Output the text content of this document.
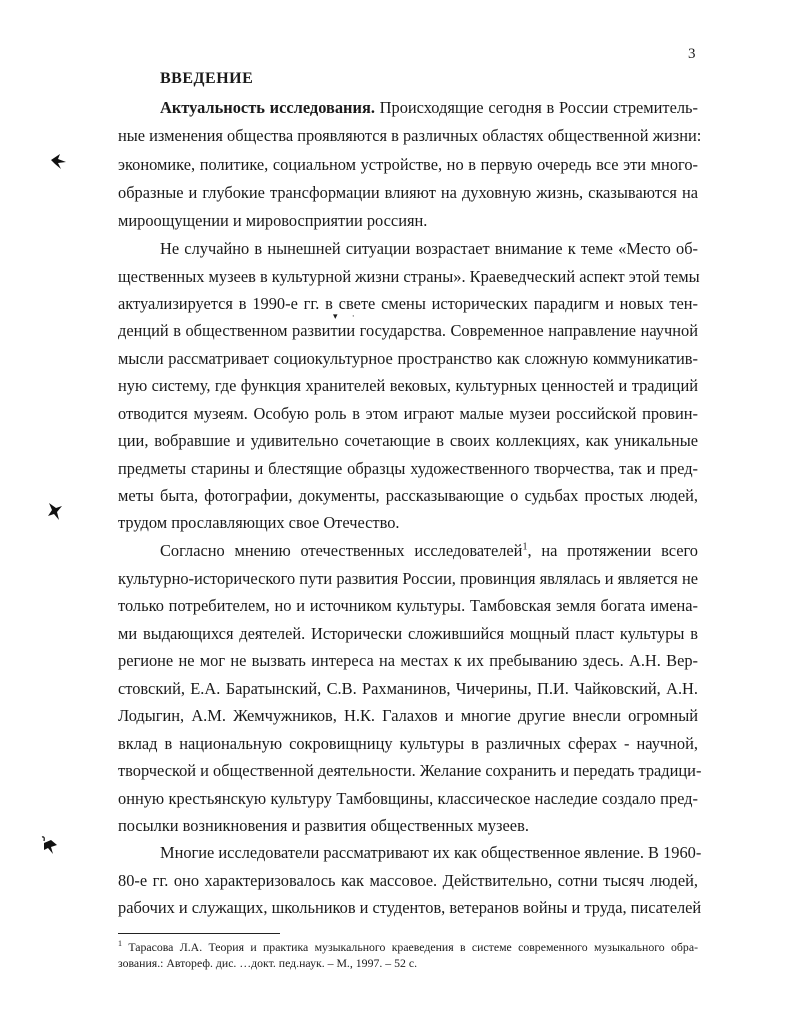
3
ВВЕДЕНИЕ
Актуальность исследования. Происходящие сегодня в России стремитель-
ные изменения общества проявляются в различных областях общественной жизни:
экономике, политике, социальном устройстве, но в первую очередь все эти много-
образные и глубокие трансформации влияют на духовную жизнь, сказываются на
мироощущении и мировосприятии россиян.
Не случайно в нынешней ситуации возрастает внимание к теме «Место об-
щественных музеев в культурной жизни страны». Краеведческий аспект этой темы
актуализируется в 1990-е гг. в свете смены исторических парадигм и новых тен-
денций в общественном развитии государства. Современное направление научной
мысли рассматривает социокультурное пространство как сложную коммуникатив-
ную систему, где функция хранителей вековых, культурных ценностей и традиций
отводится музеям. Особую роль в этом играют малые музеи российской провин-
ции, вобравшие и удивительно сочетающие в своих коллекциях, как уникальные
предметы старины и блестящие образцы художественного творчества, так и пред-
меты быта, фотографии, документы, рассказывающие о судьбах простых людей,
трудом прославляющих свое Отечество.
Согласно мнению отечественных исследователей$^1$, на протяжении всего
культурно-исторического пути развития России, провинция являлась и является не
только потребителем, но и источником культуры. Тамбовская земля богата имена-
ми выдающихся деятелей. Исторически сложившийся мощный пласт культуры в
регионе не мог не вызвать интереса на местах к их пребыванию здесь. А.Н. Вер-
стовский, Е.А. Баратынский, С.В. Рахманинов, Чичерины, П.И. Чайковский, А.Н.
Лодыгин, А.М. Жемчужников, Н.К. Галахов и многие другие внесли огромный
вклад в национальную сокровищницу культуры в различных сферах - научной,
творческой и общественной деятельности. Желание сохранить и передать традици-
онную крестьянскую культуру Тамбовщины, классическое наследие создало пред-
посылки возникновения и развития общественных музеев.
Многие исследователи рассматривают их как общественное явление. В 1960-
80-е гг. оно характеризовалось как массовое. Действительно, сотни тысяч людей,
рабочих и служащих, школьников и студентов, ветеранов войны и труда, писателей
▾ ·
$^1$ Тарасова Л.А. Теория и практика музыкального краеведения в системе современного музыкального обра-
зования.: Автореф. дис. …докт. пед.наук. – М., 1997. – 52 с.
